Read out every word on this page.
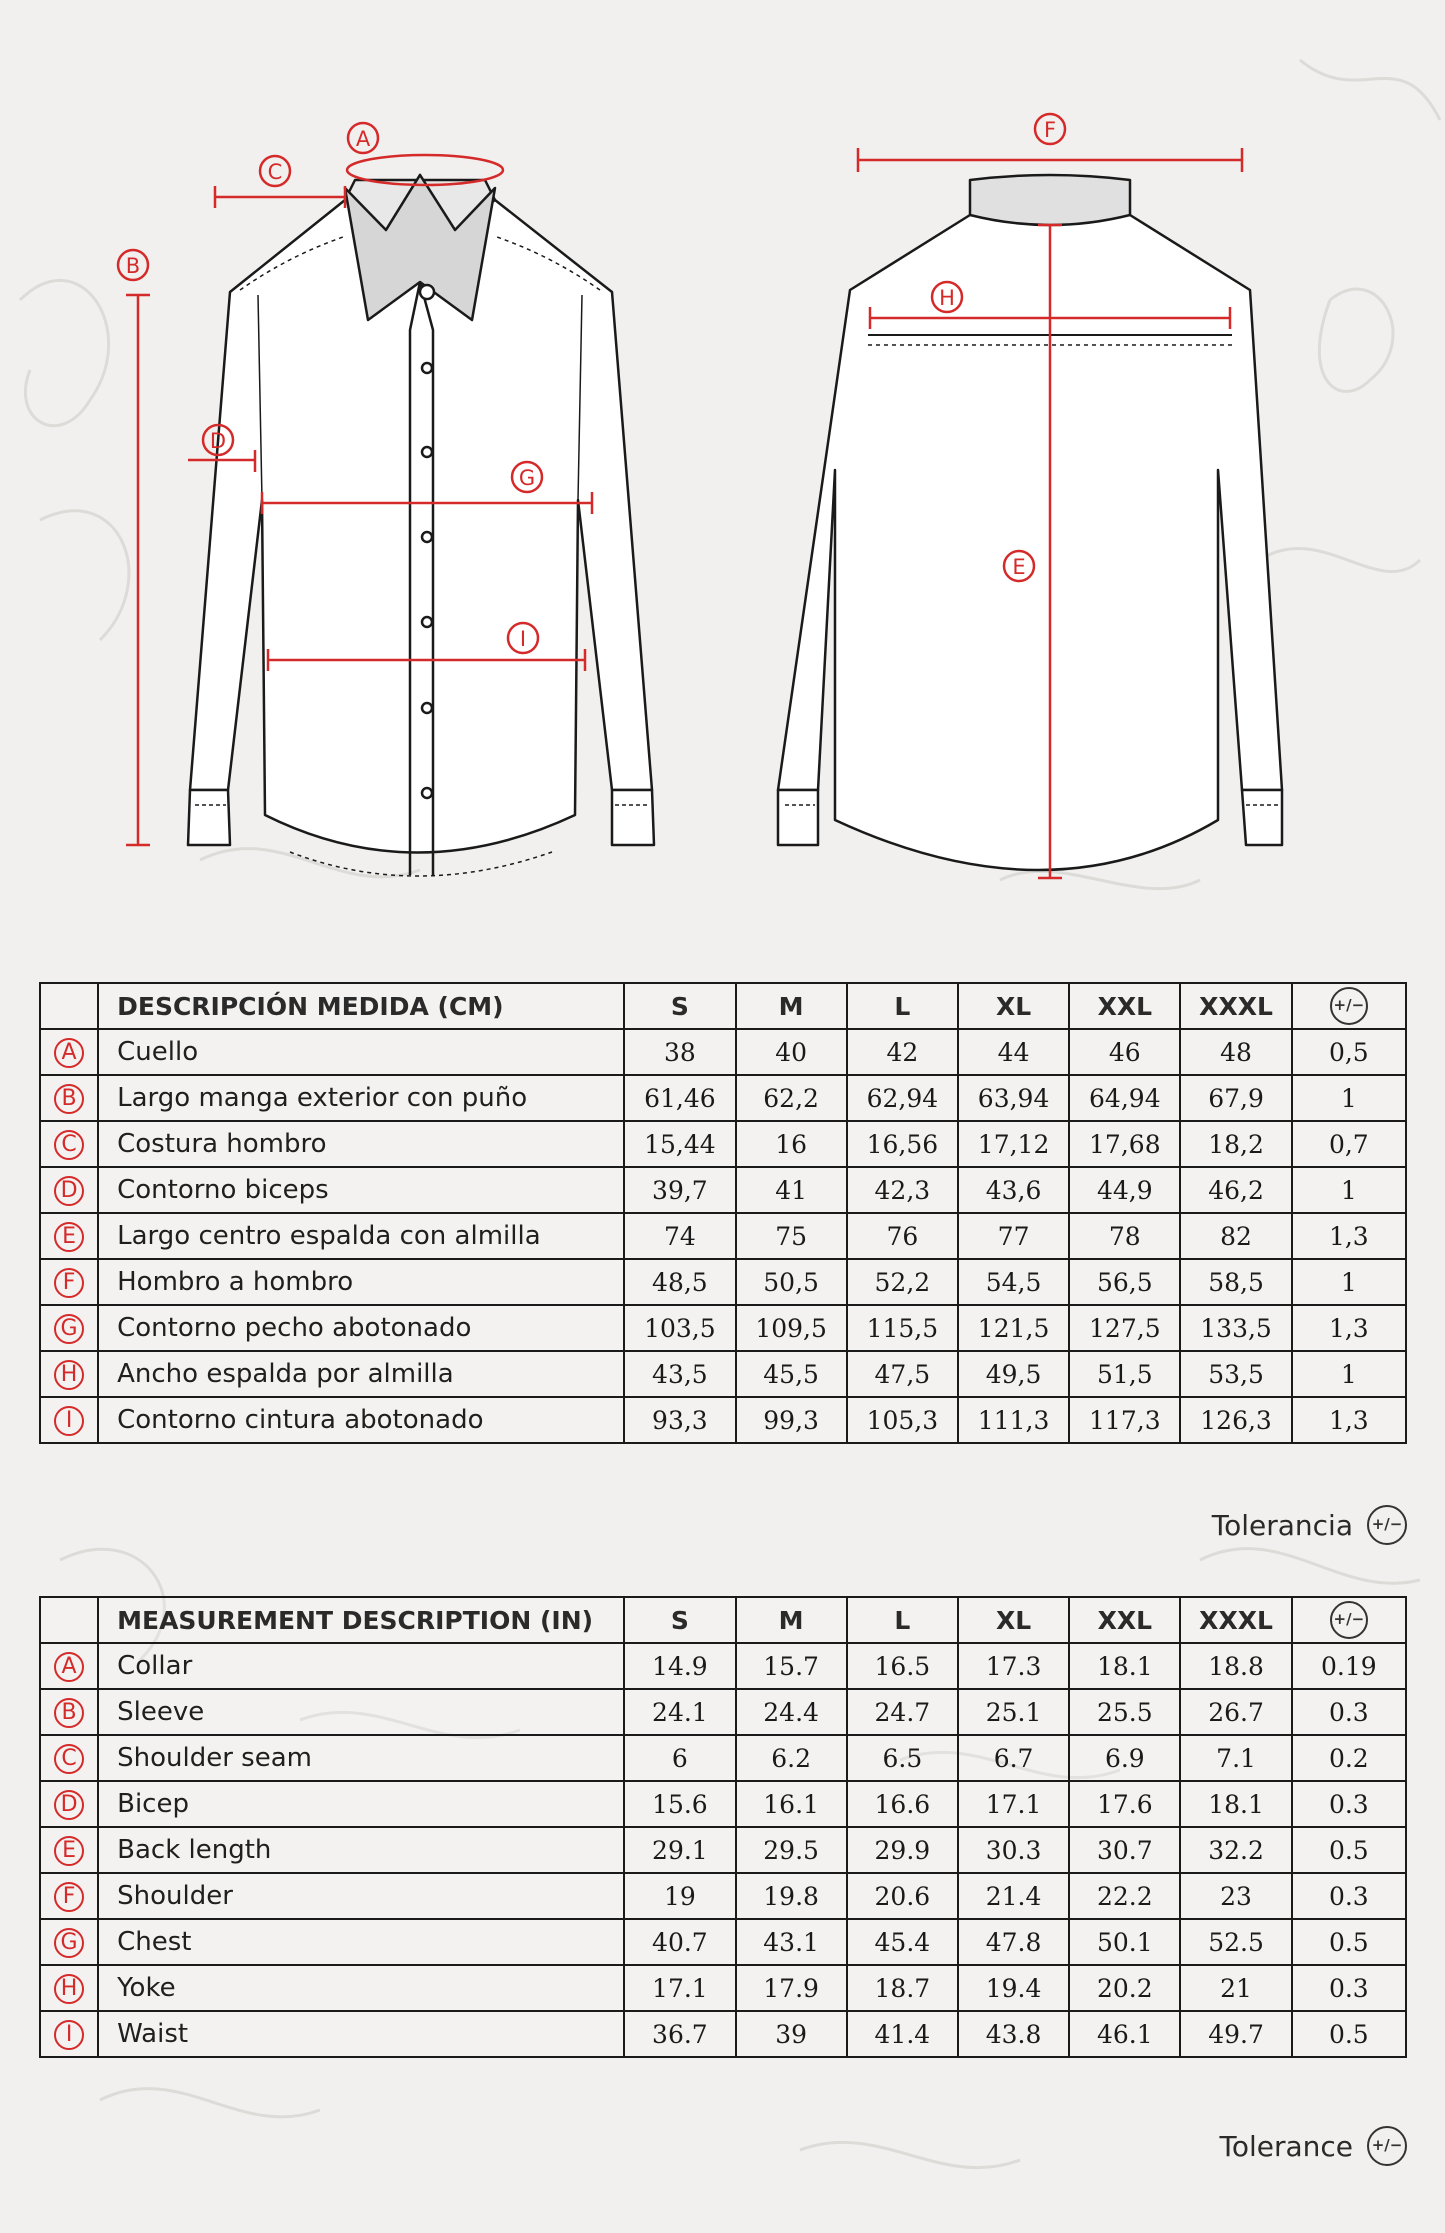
A
B
C
D
E
F
G
H
I
	DESCRIPCIÓN MEDIDA (CM)	S	M	L	XL	XXL	XXXL	+/−
A	Cuello	38	40	42	44	46	48	0,5
B	Largo manga exterior con puño	61,46	62,2	62,94	63,94	64,94	67,9	1
C	Costura hombro	15,44	16	16,56	17,12	17,68	18,2	0,7
D	Contorno biceps	39,7	41	42,3	43,6	44,9	46,2	1
E	Largo centro espalda con almilla	74	75	76	77	78	82	1,3
F	Hombro a hombro	48,5	50,5	52,2	54,5	56,5	58,5	1
G	Contorno pecho abotonado	103,5	109,5	115,5	121,5	127,5	133,5	1,3
H	Ancho espalda por almilla	43,5	45,5	47,5	49,5	51,5	53,5	1
I	Contorno cintura abotonado	93,3	99,3	105,3	111,3	117,3	126,3	1,3
Tolerancia	+/−
	MEASUREMENT DESCRIPTION (IN)	S	M	L	XL	XXL	XXXL	+/−
A	Collar	14.9	15.7	16.5	17.3	18.1	18.8	0.19
B	Sleeve	24.1	24.4	24.7	25.1	25.5	26.7	0.3
C	Shoulder seam	6	6.2	6.5	6.7	6.9	7.1	0.2
D	Bicep	15.6	16.1	16.6	17.1	17.6	18.1	0.3
E	Back length	29.1	29.5	29.9	30.3	30.7	32.2	0.5
F	Shoulder	19	19.8	20.6	21.4	22.2	23	0.3
G	Chest	40.7	43.1	45.4	47.8	50.1	52.5	0.5
H	Yoke	17.1	17.9	18.7	19.4	20.2	21	0.3
I	Waist	36.7	39	41.4	43.8	46.1	49.7	0.5
Tolerance	+/−
